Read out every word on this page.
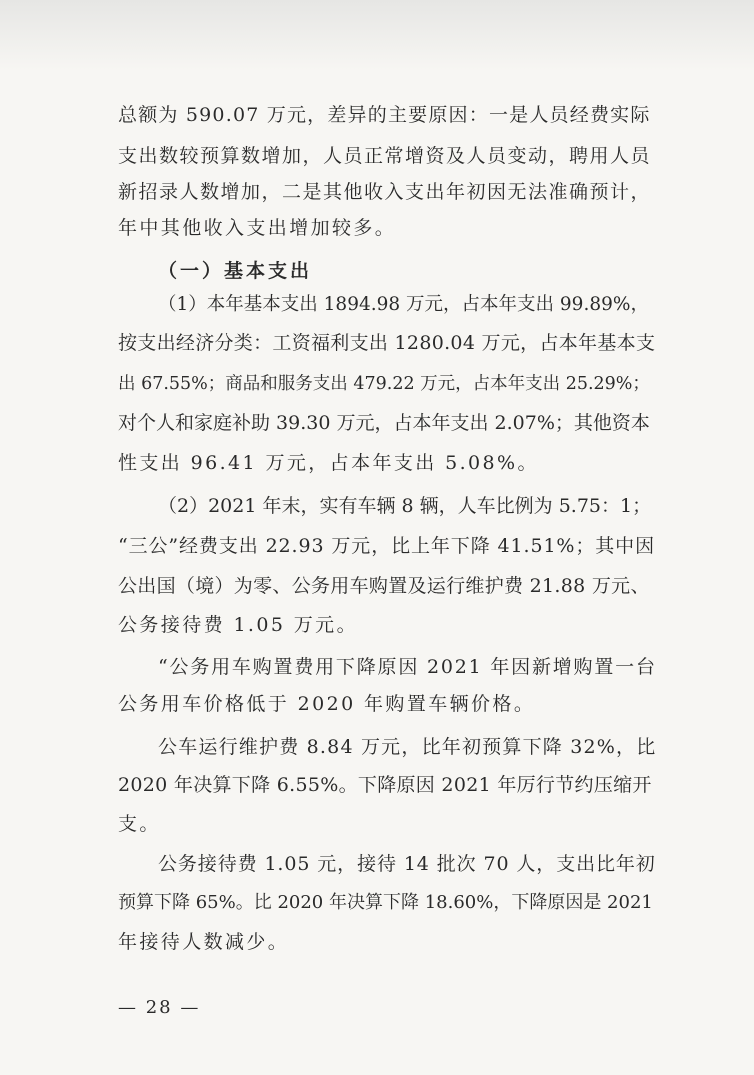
总额为 590.07 万元，差异的主要原因：一是人员经费实际
支出数较预算数增加，人员正常增资及人员变动，聘用人员
新招录人数增加，二是其他收入支出年初因无法准确预计，
年中其他收入支出增加较多。
（一）基本支出
（1）本年基本支出 1894.98 万元，占本年支出 99.89%，
按支出经济分类：工资福利支出 1280.04 万元，占本年基本支
出 67.55%；商品和服务支出 479.22 万元，占本年支出 25.29%；
对个人和家庭补助 39.30 万元，占本年支出 2.07%；其他资本
性支出 96.41 万元，占本年支出 5.08%。
（2）2021 年末，实有车辆 8 辆，人车比例为 5.75：1；
“三公”经费支出 22.93 万元，比上年下降 41.51%；其中因
公出国（境）为零、公务用车购置及运行维护费 21.88 万元、
公务接待费 1.05 万元。
“公务用车购置费用下降原因 2021 年因新增购置一台
公务用车价格低于 2020 年购置车辆价格。
公车运行维护费 8.84 万元，比年初预算下降 32%，比
2020 年决算下降 6.55%。下降原因 2021 年厉行节约压缩开
支。
公务接待费 1.05 元，接待 14 批次 70 人，支出比年初
预算下降 65%。比 2020 年决算下降 18.60%，下降原因是 2021
年接待人数减少。
— 28 —
